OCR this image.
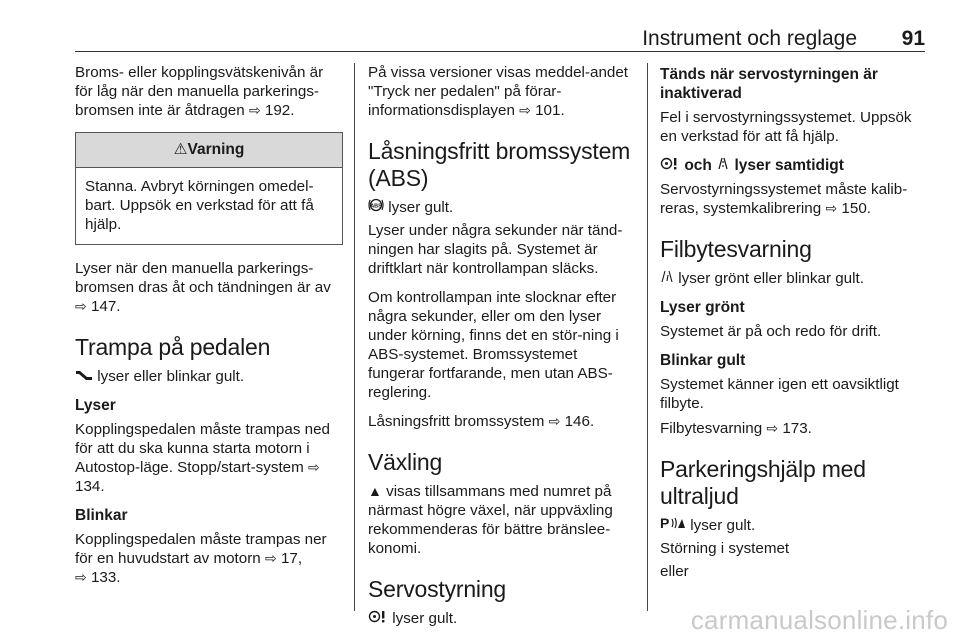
Instrument och reglage 91

Broms- eller kopplingsvätskenivån är för låg när den manuella parkerings-bromsen inte är åtdragen ⇨ 192.

⚠Varning
Stanna. Avbryt körningen omedel-bart. Uppsök en verkstad för att få hjälp.

Lyser när den manuella parkerings-bromsen dras åt och tändningen är av ⇨ 147.

Trampa på pedalen

lyser eller blinkar gult.

Lyser

Kopplingspedalen måste trampas ned för att du ska kunna starta motorn i Autostop-läge. Stopp/start-system ⇨ 134.

Blinkar

Kopplingspedalen måste trampas ner för en huvudstart av motorn ⇨ 17,
⇨ 133.

På vissa versioner visas meddel-andet "Tryck ner pedalen" på förar-informationsdisplayen ⇨ 101.

Låsningsfritt bromssystem (ABS)

ABS lyser gult.

Lyser under några sekunder när tänd-ningen har slagits på. Systemet är driftklart när kontrollampan släcks.

Om kontrollampan inte slocknar efter några sekunder, eller om den lyser under körning, finns det en stör-ning i ABS-systemet. Bromssystemet fungerar fortfarande, men utan ABS-reglering.

Låsningsfritt bromssystem ⇨ 146.

Växling

▲ visas tillsammans med numret på närmast högre växel, när uppväxling rekommenderas för bättre bränslee-konomi.

Servostyrning

lyser gult.

Tänds när servostyrningen är inaktiverad

Fel i servostyrningssystemet. Uppsök en verkstad för att få hjälp.

och lyser samtidigt

Servostyrningssystemet måste kalib-reras, systemkalibrering ⇨ 150.

Filbytesvarning

lyser grönt eller blinkar gult.

Lyser grönt

Systemet är på och redo för drift.

Blinkar gult

Systemet känner igen ett oavsiktligt filbyte.

Filbytesvarning ⇨ 173.

Parkeringshjälp med ultraljud

P lyser gult.

Störning i systemet

eller

carmanualsonline.info
